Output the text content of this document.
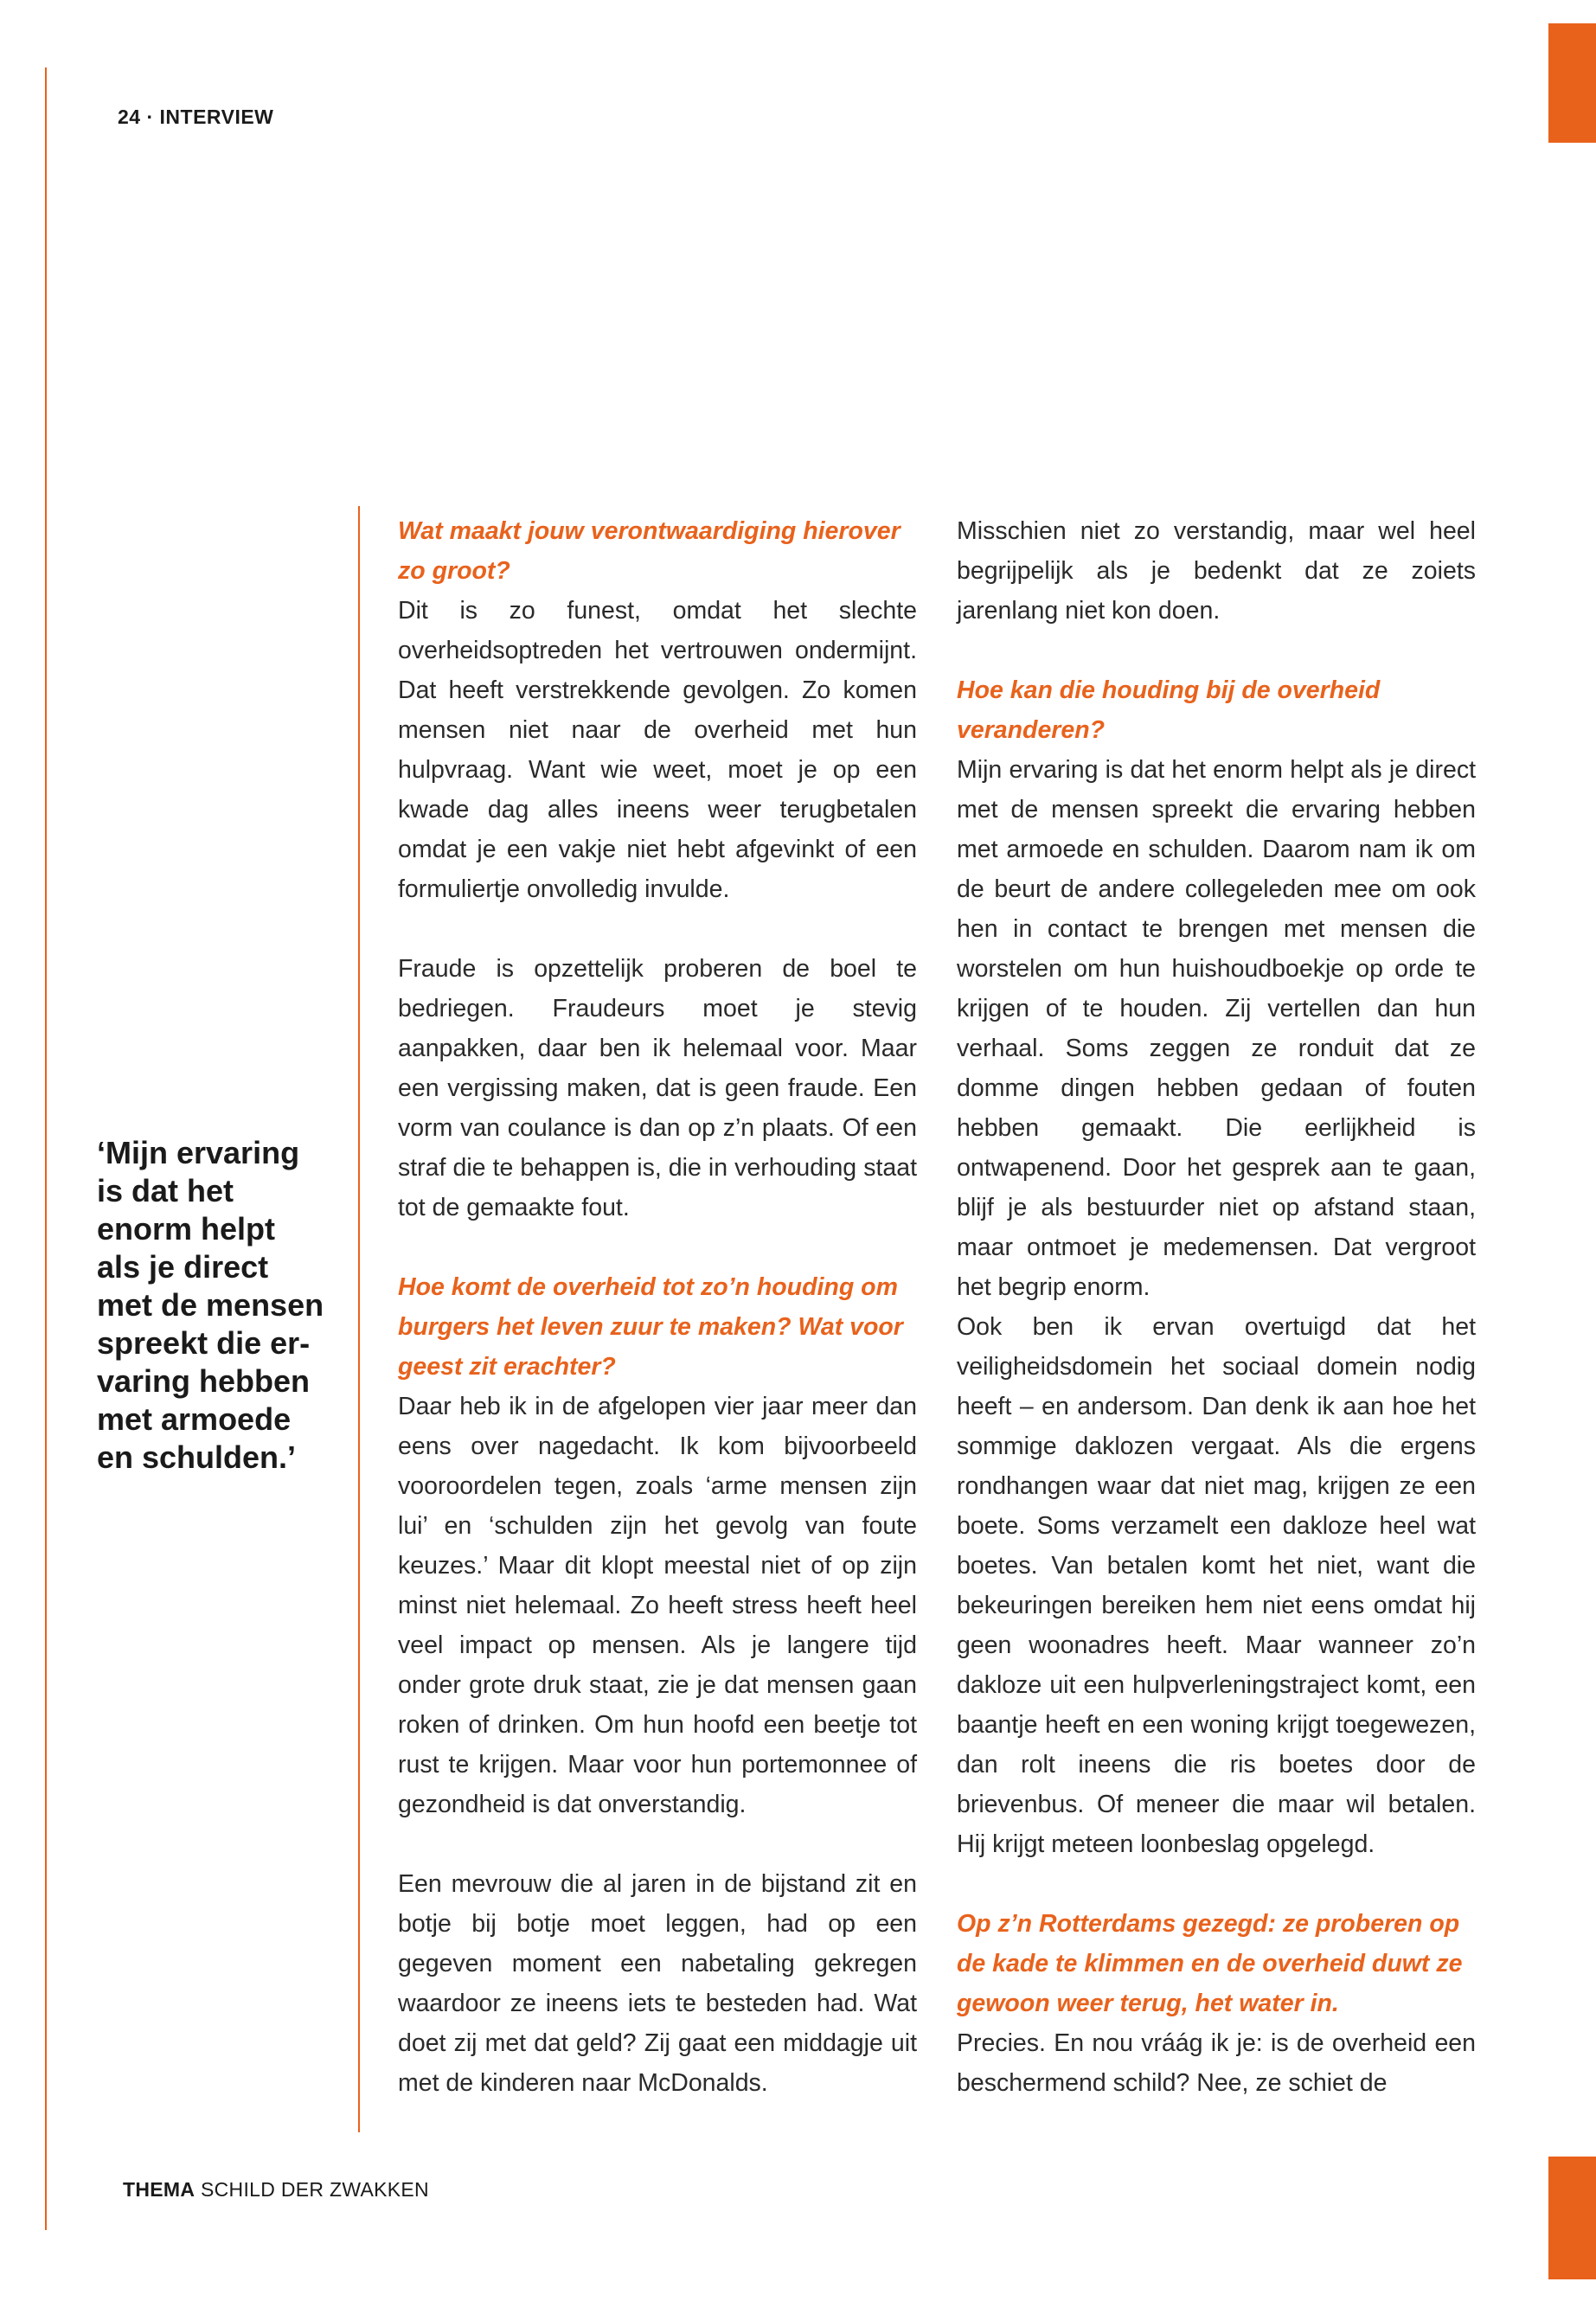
24 · INTERVIEW
‘Mijn ervaring
is dat het
enorm helpt
als je direct
met de mensen
spreekt die er-
varing hebben
met armoede
en schulden.’

Wat maakt jouw verontwaardiging hierover zo groot?

Dit is zo funest, omdat het slechte overheidsoptreden het vertrouwen ondermijnt. Dat heeft verstrekkende gevolgen. Zo komen mensen niet naar de overheid met hun hulpvraag. Want wie weet, moet je op een kwade dag alles ineens weer terugbetalen omdat je een vakje niet hebt afgevinkt of een formuliertje onvolledig invulde.

Fraude is opzettelijk proberen de boel te bedriegen. Fraudeurs moet je stevig aanpakken, daar ben ik helemaal voor. Maar een vergissing maken, dat is geen fraude. Een vorm van coulance is dan op z’n plaats. Of een straf die te behappen is, die in verhouding staat tot de gemaakte fout.

Hoe komt de overheid tot zo’n houding om burgers het leven zuur te maken? Wat voor geest zit erachter?

Daar heb ik in de afgelopen vier jaar meer dan eens over nagedacht. Ik kom bijvoorbeeld vooroordelen tegen, zoals ‘arme mensen zijn lui’ en ‘schulden zijn het gevolg van foute keuzes.’ Maar dit klopt meestal niet of op zijn minst niet helemaal. Zo heeft stress heeft heel veel impact op mensen. Als je langere tijd onder grote druk staat, zie je dat mensen gaan roken of drinken. Om hun hoofd een beetje tot rust te krijgen. Maar voor hun portemonnee of gezondheid is dat onverstandig.

Een mevrouw die al jaren in de bijstand zit en botje bij botje moet leggen, had op een gegeven moment een nabetaling gekregen waardoor ze ineens iets te besteden had. Wat doet zij met dat geld? Zij gaat een middagje uit met de kinderen naar McDonalds.

Misschien niet zo verstandig, maar wel heel begrijpelijk als je bedenkt dat ze zoiets jarenlang niet kon doen.

Hoe kan die houding bij de overheid veranderen?

Mijn ervaring is dat het enorm helpt als je direct met de mensen spreekt die ervaring hebben met armoede en schulden. Daarom nam ik om de beurt de andere collegeleden mee om ook hen in contact te brengen met mensen die worstelen om hun huishoudboekje op orde te krijgen of te houden. Zij vertellen dan hun verhaal. Soms zeggen ze ronduit dat ze domme dingen hebben gedaan of fouten hebben gemaakt. Die eerlijkheid is ontwapenend. Door het gesprek aan te gaan, blijf je als bestuurder niet op afstand staan, maar ontmoet je medemensen. Dat vergroot het begrip enorm.

Ook ben ik ervan overtuigd dat het veiligheidsdomein het sociaal domein nodig heeft – en andersom. Dan denk ik aan hoe het sommige daklozen vergaat. Als die ergens rondhangen waar dat niet mag, krijgen ze een boete. Soms verzamelt een dakloze heel wat boetes. Van betalen komt het niet, want die bekeuringen bereiken hem niet eens omdat hij geen woonadres heeft. Maar wanneer zo’n dakloze uit een hulpverleningstraject komt, een baantje heeft en een woning krijgt toegewezen, dan rolt ineens die ris boetes door de brievenbus. Of meneer die maar wil betalen. Hij krijgt meteen loonbeslag opgelegd.

Op z’n Rotterdams gezegd: ze proberen op de kade te klimmen en de overheid duwt ze gewoon weer terug, het water in.

Precies. En nou vráág ik je: is de overheid een beschermend schild? Nee, ze schiet de

THEMA SCHILD DER ZWAKKEN
